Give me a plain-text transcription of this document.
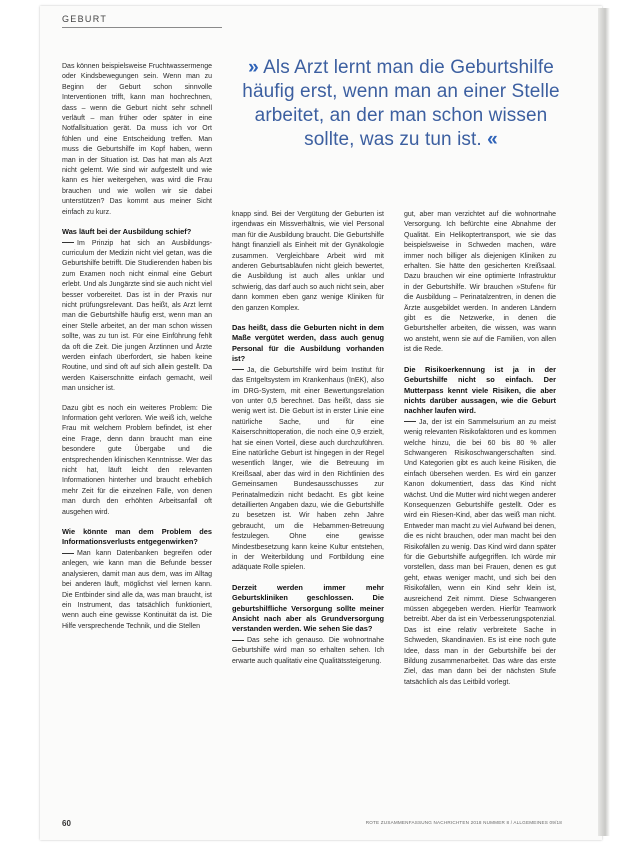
GEBURT
» Als Arzt lernt man die Geburtshilfe häufig erst, wenn man an einer Stelle arbeitet, an der man schon wissen sollte, was zu tun ist. «

Das können beispielsweise Fruchtwassermenge oder Kindsbewegungen sein. Wenn man zu Beginn der Geburt schon sinnvolle Interventionen trifft, kann man hochrechnen, dass – wenn die Geburt nicht sehr schnell verläuft – man früher oder später in eine Notfallsituation gerät. Da muss ich vor Ort fühlen und eine Entscheidung treffen. Man muss die Geburtshilfe im Kopf haben, wenn man in der Situation ist. Das hat man als Arzt nicht gelernt. Wie sind wir aufgestellt und wie kann es hier weitergehen, was wird die Frau brauchen und wie wollen wir sie dabei unterstützen? Das kommt aus meiner Sicht einfach zu kurz.

Was läuft bei der Ausbildung schief?

Im Prinzip hat sich an Ausbildungscurriculum der Medizin nicht viel getan, was die Geburtshilfe betrifft. Die Studierenden haben bis zum Examen noch nicht einmal eine Geburt erlebt. Und als Jungärzte sind sie auch nicht viel besser vorbereitet. Das ist in der Praxis nur nicht prüfungsrelevant. Das heißt, als Arzt lernt man die Geburtshilfe häufig erst, wenn man an einer Stelle arbeitet, an der man schon wissen sollte, was zu tun ist. Für eine Einführung fehlt da oft die Zeit. Die jungen Ärztinnen und Ärzte werden einfach überfordert, sie haben keine Routine, und sind oft auf sich allein gestellt. Da werden Kaiserschnitte einfach gemacht, weil man unsicher ist.

Dazu gibt es noch ein weiteres Problem: Die Information geht verloren. Wie weiß ich, welche Frau mit welchem Problem befindet, ist eher eine Frage, denn dann braucht man eine besondere gute Übergabe und die entsprechenden klinischen Kenntnisse. Wer das nicht hat, läuft leicht den relevanten Informationen hinterher und braucht erheblich mehr Zeit für die einzelnen Fälle, von denen man durch den erhöhten Arbeitsanfall oft ausgehen wird.

Wie könnte man dem Problem des Informationsverlusts entgegenwirken?

Man kann Datenbanken begreifen oder anlegen, wie kann man die Befunde besser analysieren, damit man aus dem, was im Alltag bei anderen läuft, möglichst viel lernen kann. Die Entbinder sind alle da, was man braucht, ist ein Instrument, das tatsächlich funktioniert, wenn auch eine gewisse Kontinuität da ist. Die Hilfe versprechende Technik, und die Stellen

knapp sind. Bei der Vergütung der Geburten ist irgendwas ein Missverhältnis, wie viel Personal man für die Ausbildung braucht. Die Geburtshilfe hängt finanziell als Einheit mit der Gynäkologie zusammen. Vergleichbare Arbeit wird mit anderen Geburtsabläufen nicht gleich bewertet, die Ausbildung ist auch alles unklar und schwierig, das darf auch so auch nicht sein, aber dann kommen eben ganz wenige Kliniken für den ganzen Komplex.

Das heißt, dass die Geburten nicht in dem Maße vergütet werden, dass auch genug Personal für die Ausbildung vorhanden ist?

Ja, die Geburtshilfe wird beim Institut für das Entgeltsystem im Krankenhaus (InEK), also im DRG-System, mit einer Bewertungsrelation von unter 0,5 berechnet. Das heißt, dass sie wenig wert ist. Die Geburt ist in erster Linie eine natürliche Sache, und für eine Kaiserschnittoperation, die noch eine 0,9 erzielt, hat sie einen Vorteil, diese auch durchzuführen. Eine natürliche Geburt ist hingegen in der Regel wesentlich länger, wie die Betreuung im Kreißsaal, aber das wird in den Richtlinien des Gemeinsamen Bundesausschusses zur Perinatalmedizin nicht bedacht. Es gibt keine detaillierten Angaben dazu, wie die Geburtshilfe zu besetzen ist. Wir haben zehn Jahre gebraucht, um die Hebammen-Betreuung festzulegen. Ohne eine gewisse Mindestbesetzung kann keine Kultur entstehen, in der Weiterbildung und Fortbildung eine adäquate Rolle spielen.

Derzeit werden immer mehr Geburtskliniken geschlossen. Die geburtshilfliche Versorgung sollte meiner Ansicht nach aber als Grundversorgung verstanden werden. Wie sehen Sie das?

Das sehe ich genauso. Die wohnortnahe Geburtshilfe wird man so erhalten sehen. Ich erwarte auch qualitativ eine Qualitätssteigerung.

gut, aber man verzichtet auf die wohnortnahe Versorgung. Ich befürchte eine Abnahme der Qualität. Ein Helikoptertransport, wie sie das beispielsweise in Schweden machen, wäre immer noch billiger als diejenigen Kliniken zu erhalten. Sie hätte den gesicherten Kreißsaal. Dazu brauchen wir eine optimierte Infrastruktur in der Geburtshilfe. Wir brauchen »Stufen« für die Ausbildung – Perinatalzentren, in denen die Ärzte ausgebildet werden. In anderen Ländern gibt es die Netzwerke, in denen die Geburtshelfer arbeiten, die wissen, was wann wo ansteht, wenn sie auf die Familien, von allen ist die Rede.

Die Risikoerkennung ist ja in der Geburtshilfe nicht so einfach. Der Mutterpass kennt viele Risiken, die aber nichts darüber aussagen, wie die Geburt nachher laufen wird.

Ja, der ist ein Sammelsurium an zu meist wenig relevanten Risikofaktoren und es kommen welche hinzu, die bei 60 bis 80 % aller Schwangeren Risikoschwangerschaften sind. Und Kategorien gibt es auch keine Risiken, die einfach übersehen werden. Es wird ein ganzer Kanon dokumentiert, dass das Kind nicht wächst. Und die Mutter wird nicht wegen anderer Konsequenzen Geburtshilfe gestellt. Oder es wird ein Riesen-Kind, aber das weiß man nicht. Entweder man macht zu viel Aufwand bei denen, die es nicht brauchen, oder man macht bei den Risikofällen zu wenig. Das Kind wird dann später für die Geburtshilfe aufgegriffen. Ich würde mir vorstellen, dass man bei Frauen, denen es gut geht, etwas weniger macht, und sich bei den Risikofällen, wenn ein Kind sehr klein ist, ausreichend Zeit nimmt. Diese Schwangeren müssen abgegeben werden. Hierfür Teamwork betreibt. Aber da ist ein Verbesserungspotenzial. Das ist eine relativ verbreitete Sache in Schweden, Skandinavien. Es ist eine noch gute Idee, dass man in der Geburtshilfe bei der Bildung zusammenarbeitet. Das wäre das erste Ziel, das man dann bei der nächsten Stufe tatsächlich als das Leitbild vorlegt.

60	ROTE ZUSAMMENFASSUNG NACHRICHTEN 2018 NUMMER 8 / ALLGEMEINES 09/18
